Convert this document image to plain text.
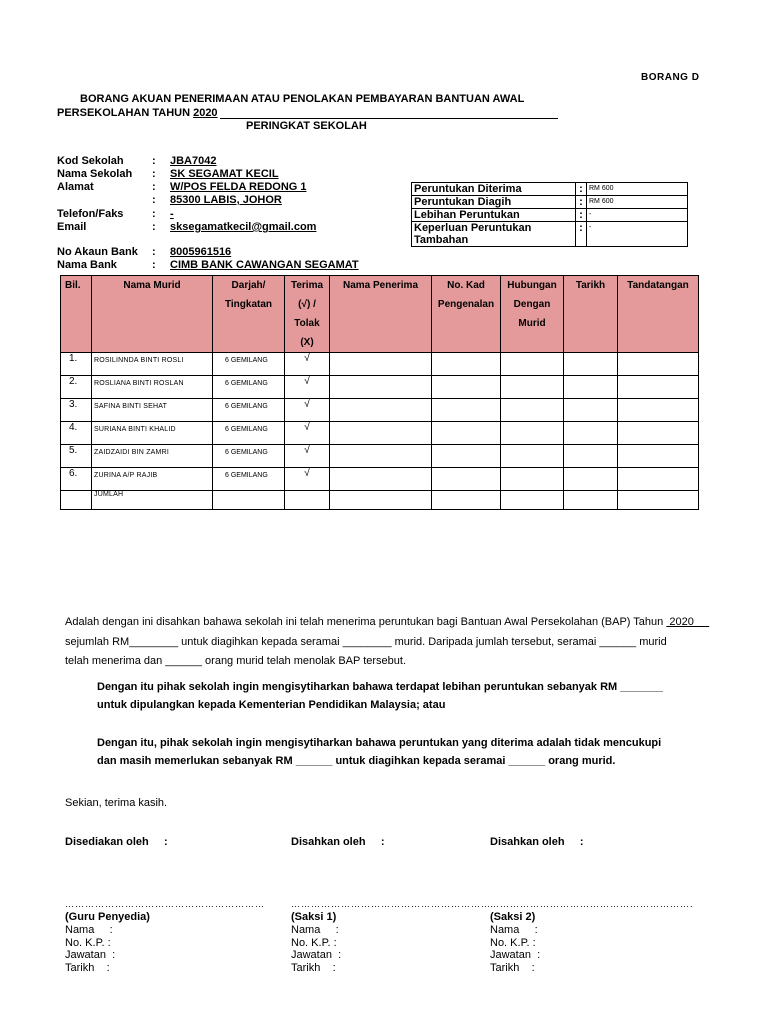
BORANG D
BORANG AKUAN PENERIMAAN ATAU PENOLAKAN PEMBAYARAN BANTUAN AWAL
PERSEKOLAHAN TAHUN 2020
PERINGKAT SEKOLAH
Kod Sekolah	: JBA7042
Nama Sekolah : SK SEGAMAT KECIL
Alamat	: W/POS FELDA REDONG 1
: 85300 LABIS, JOHOR
Telefon/Faks	: -
Email	: sksegamatkecil@gmail.com
No Akaun Bank : 8005961516
Nama Bank	: CIMB BANK CAWANGAN SEGAMAT
Peruntukan Diterima	:	RM 600
Peruntukan Diagih	:	RM 600
Lebihan Peruntukan	:	-
Keperluan Peruntukan Tambahan	:	-
Bil.	Nama Murid	Darjah/ Tingkatan	Terima (√) / Tolak (X)	Nama Penerima	No. Kad Pengenalan	Hubungan Dengan Murid	Tarikh	Tandatangan
1.	ROSILINNDA BINTI ROSLI	6 GEMILANG	√					
2.	ROSLIANA BINTI ROSLAN	6 GEMILANG	√					
3.	SAFINA BINTI SEHAT	6 GEMILANG	√					
4.	SURIANA BINTI KHALID	6 GEMILANG	√					
5.	ZAIDZAIDI BIN ZAMRI	6 GEMILANG	√					
6.	ZURINA A/P RAJIB	6 GEMILANG	√					
	JUMLAH							
Adalah dengan ini disahkan bahawa sekolah ini telah menerima peruntukan bagi Bantuan Awal Persekolahan (BAP) Tahun  2020
sejumlah RM________ untuk diagihkan kepada seramai ________ murid. Daripada jumlah tersebut, seramai ______ murid
telah menerima dan ______ orang murid telah menolak BAP tersebut.
Dengan itu pihak sekolah ingin mengisytiharkan bahawa terdapat lebihan peruntukan sebanyak RM _______
untuk dipulangkan kepada Kementerian Pendidikan Malaysia; atau
Dengan itu, pihak sekolah ingin mengisytiharkan bahawa peruntukan yang diterima adalah tidak mencukupi
dan masih memerlukan sebanyak RM ______ untuk diagihkan kepada seramai ______ orang murid.
Sekian, terima kasih.
Disediakan oleh     :
……………………………………………………
(Guru Penyedia)
Nama     :
No. K.P. :
Jawatan  :
Tarikh    :
Disahkan oleh     :
……………………………………………………
(Saksi 1)
Nama     :
No. K.P. :
Jawatan  :
Tarikh    :
Disahkan oleh     :
…………………………………………………….
(Saksi 2)
Nama     :
No. K.P. :
Jawatan  :
Tarikh    :
